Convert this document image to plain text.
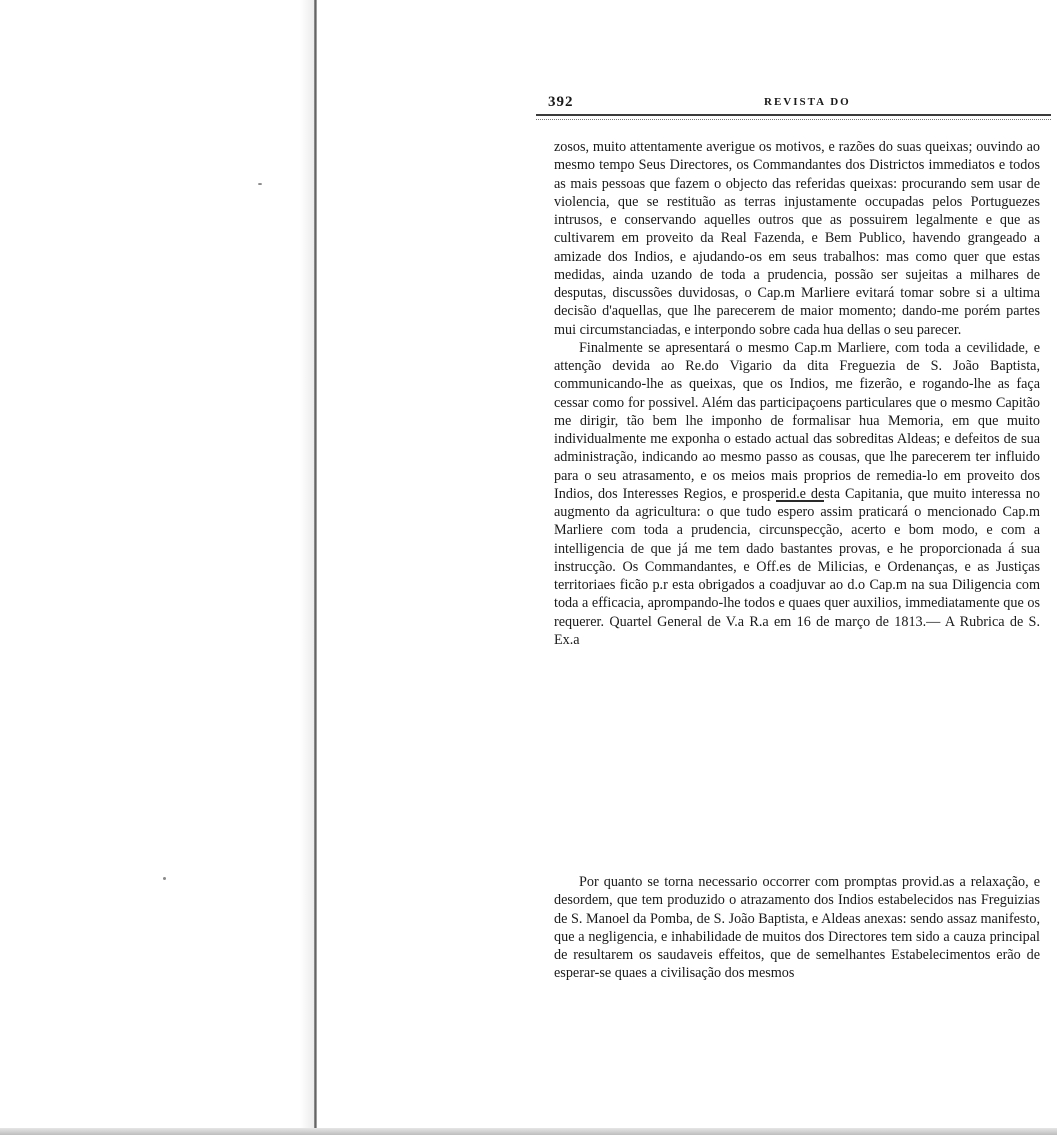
392	REVISTA DO

zosos, muito attentamente averigue os motivos, e razões do suas queixas; ouvindo ao mesmo tempo Seus Directores, os Commandantes dos Districtos immediatos e todos as mais pessoas que fazem o objecto das referidas queixas: procurando sem usar de violencia, que se restituão as terras injustamente occupadas pelos Portuguezes intrusos, e conservando aquelles outros que as possuirem legalmente e que as cultivarem em proveito da Real Fazenda, e Bem Publico, havendo grangeado a amizade dos Indios, e ajudando-os em seus trabalhos: mas como quer que estas medidas, ainda uzando de toda a prudencia, possão ser sujeitas a milhares de desputas, discussões duvidosas, o Cap.m Marliere evitará tomar sobre si a ultima decisão d'aquellas, que lhe parecerem de maior momento; dando-me porém partes mui circumstanciadas, e interpondo sobre cada hua dellas o seu parecer.

Finalmente se apresentará o mesmo Cap.m Marliere, com toda a cevilidade, e attenção devida ao Re.do Vigario da dita Freguezia de S. João Baptista, communicando-lhe as queixas, que os Indios, me fizerão, e rogando-lhe as faça cessar como for possivel. Além das participaçoens particulares que o mesmo Capitão me dirigir, tão bem lhe imponho de formalisar hua Memoria, em que muito individualmente me exponha o estado actual das sobreditas Aldeas; e defeitos de sua administração, indicando ao mesmo passo as cousas, que lhe parecerem ter influido para o seu atrasamento, e os meios mais proprios de remedia-lo em proveito dos Indios, dos Interesses Regios, e prosperid.e desta Capitania, que muito interessa no augmento da agricultura: o que tudo espero assim praticará o mencionado Cap.m Marliere com toda a prudencia, circunspecção, acerto e bom modo, e com a intelligencia de que já me tem dado bastantes provas, e he proporcionada á sua instrucção. Os Commandantes, e Off.es de Milicias, e Ordenanças, e as Justiças territoriaes ficão p.r esta obrigados a coadjuvar ao d.o Cap.m na sua Diligencia com toda a efficacia, aprompando-lhe todos e quaes quer auxilios, immediatamente que os requerer. Quartel General de V.a R.a em 16 de março de 1813.— A Rubrica de S. Ex.a

Por quanto se torna necessario occorrer com promptas provid.as a relaxação, e desordem, que tem produzido o atrazamento dos Indios estabelecidos nas Freguizias de S. Manoel da Pomba, de S. João Baptista, e Aldeas anexas: sendo assaz manifesto, que a negligencia, e inhabilidade de muitos dos Directores tem sido a cauza principal de resultarem os saudaveis effeitos, que de semelhantes Estabelecimentos erão de esperar-se quaes a civilisação dos mesmos
